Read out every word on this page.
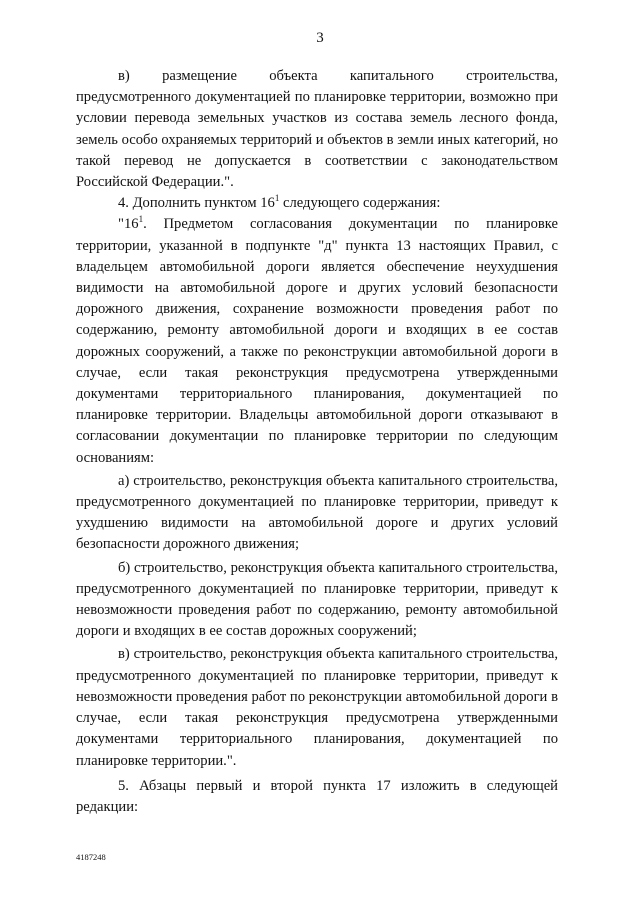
3

в) размещение объекта капитального строительства, предусмотренного документацией по планировке территории, возможно при условии перевода земельных участков из состава земель лесного фонда, земель особо охраняемых территорий и объектов в земли иных категорий, но такой перевод не допускается в соответствии с законодательством Российской Федерации.".

4. Дополнить пунктом $16^1$ следующего содержания:

"$16^1$. Предметом согласования документации по планировке территории, указанной в подпункте "д" пункта 13 настоящих Правил, с владельцем автомобильной дороги является обеспечение неухудшения видимости на автомобильной дороге и других условий безопасности дорожного движения, сохранение возможности проведения работ по содержанию, ремонту автомобильной дороги и входящих в ее состав дорожных сооружений, а также по реконструкции автомобильной дороги в случае, если такая реконструкция предусмотрена утвержденными документами территориального планирования, документацией по планировке территории. Владельцы автомобильной дороги отказывают в согласовании документации по планировке территории по следующим основаниям:

а) строительство, реконструкция объекта капитального строительства, предусмотренного документацией по планировке территории, приведут к ухудшению видимости на автомобильной дороге и других условий безопасности дорожного движения;

б) строительство, реконструкция объекта капитального строительства, предусмотренного документацией по планировке территории, приведут к невозможности проведения работ по содержанию, ремонту автомобильной дороги и входящих в ее состав дорожных сооружений;

в) строительство, реконструкция объекта капитального строительства, предусмотренного документацией по планировке территории, приведут к невозможности проведения работ по реконструкции автомобильной дороги в случае, если такая реконструкция предусмотрена утвержденными документами территориального планирования, документацией по планировке территории.".

5. Абзацы первый и второй пункта 17 изложить в следующей редакции:

4187248
